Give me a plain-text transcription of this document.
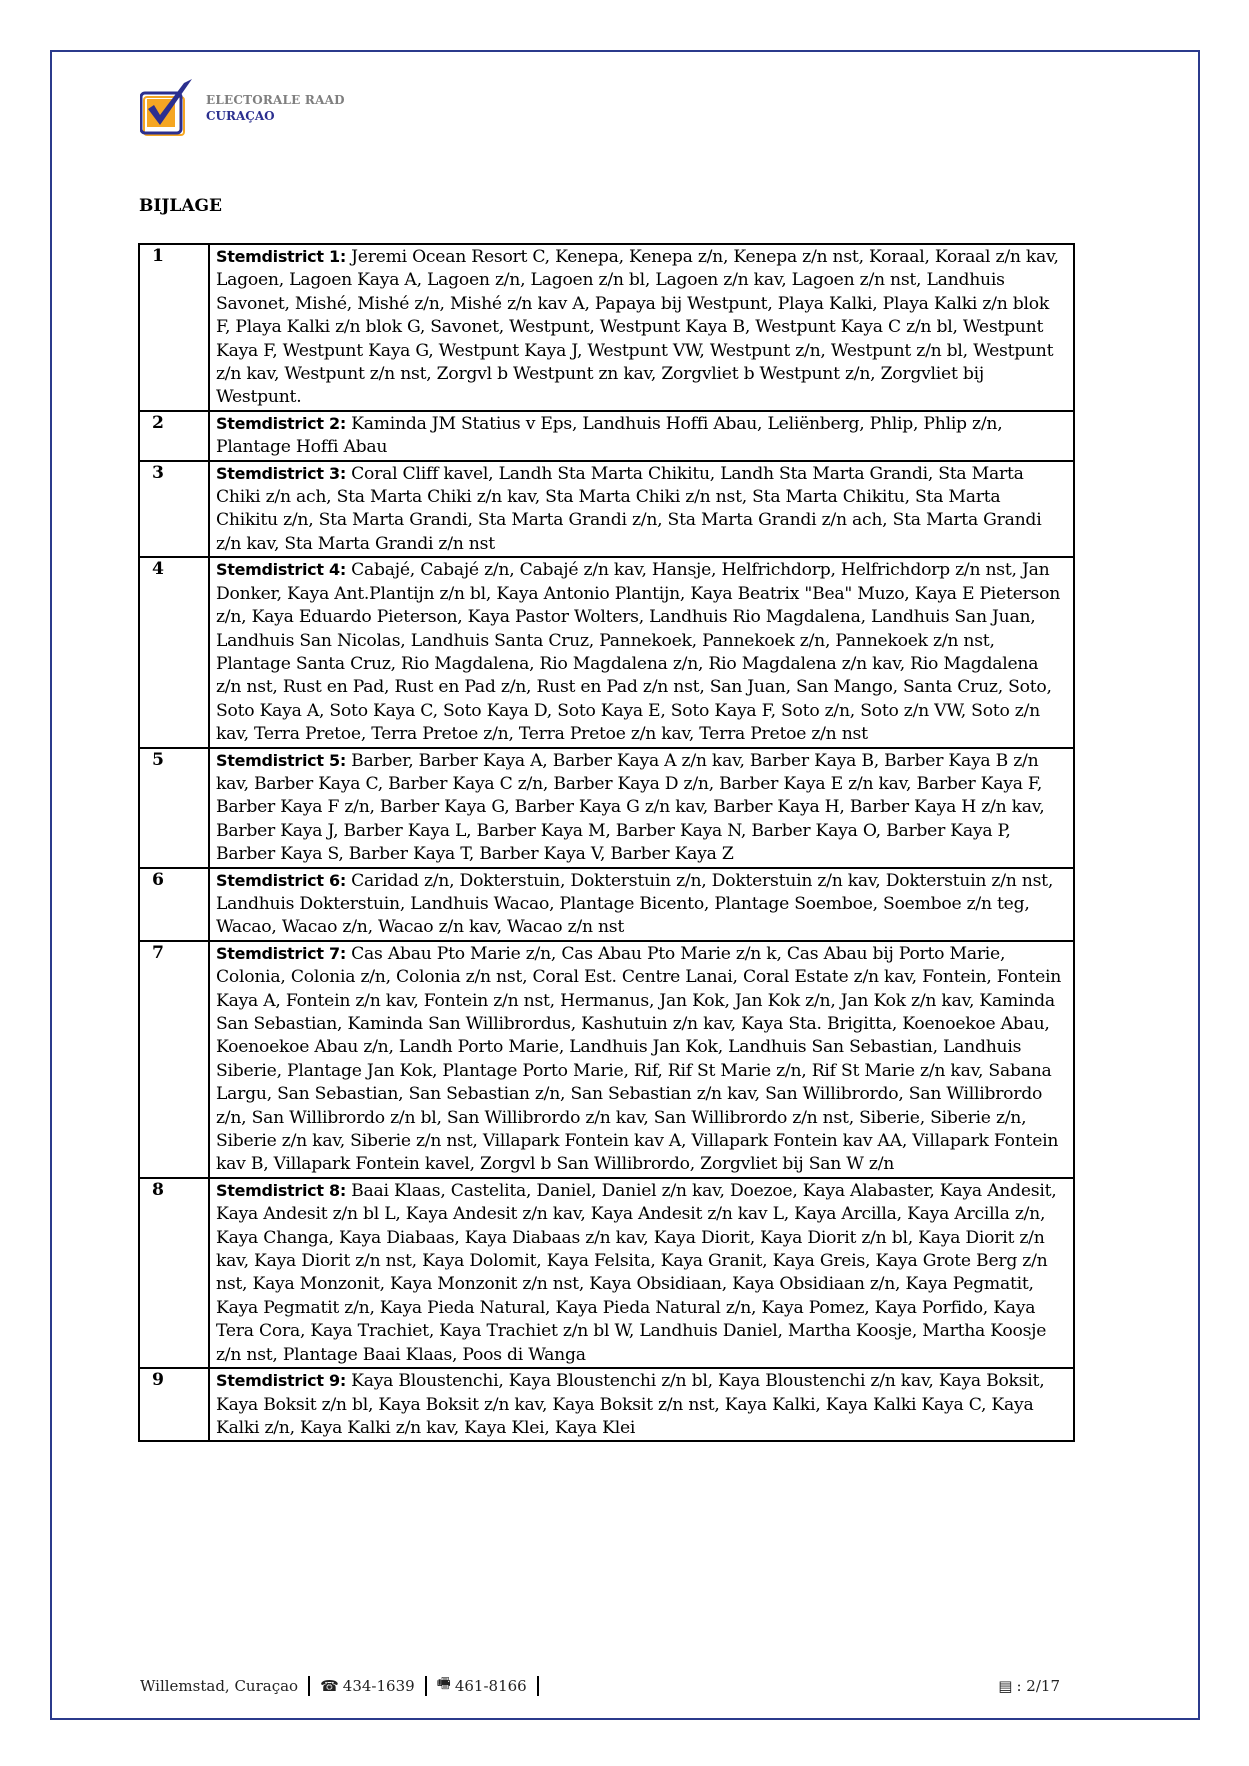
ELECTORALE RAAD
CURAÇAO
BIJLAGE
1	Stemdistrict 1: Jeremi Ocean Resort C, Kenepa, Kenepa z/n, Kenepa z/n nst, Koraal, Koraal z/n kav, Lagoen, Lagoen Kaya A, Lagoen z/n, Lagoen z/n bl, Lagoen z/n kav, Lagoen z/n nst, Landhuis Savonet, Mishé, Mishé z/n, Mishé z/n kav A, Papaya bij Westpunt, Playa Kalki, Playa Kalki z/n blok F, Playa Kalki z/n blok G, Savonet, Westpunt, Westpunt Kaya B, Westpunt Kaya C z/n bl, Westpunt Kaya F, Westpunt Kaya G, Westpunt Kaya J, Westpunt VW, Westpunt z/n, Westpunt z/n bl, Westpunt z/n kav, Westpunt z/n nst, Zorgvl b Westpunt zn kav, Zorgvliet b Westpunt z/n, Zorgvliet bij Westpunt.
2	Stemdistrict 2: Kaminda JM Statius v Eps, Landhuis Hoffi Abau, Leliënberg, Phlip, Phlip z/n, Plantage Hoffi Abau
3	Stemdistrict 3: Coral Cliff kavel, Landh Sta Marta Chikitu, Landh Sta Marta Grandi, Sta Marta Chiki z/n ach, Sta Marta Chiki z/n kav, Sta Marta Chiki z/n nst, Sta Marta Chikitu, Sta Marta Chikitu z/n, Sta Marta Grandi, Sta Marta Grandi z/n, Sta Marta Grandi z/n ach, Sta Marta Grandi z/n kav, Sta Marta Grandi z/n nst
4	Stemdistrict 4: Cabajé, Cabajé z/n, Cabajé z/n kav, Hansje, Helfrichdorp, Helfrichdorp z/n nst, Jan Donker, Kaya Ant.Plantijn z/n bl, Kaya Antonio Plantijn, Kaya Beatrix "Bea" Muzo, Kaya E Pieterson z/n, Kaya Eduardo Pieterson, Kaya Pastor Wolters, Landhuis Rio Magdalena, Landhuis San Juan, Landhuis San Nicolas, Landhuis Santa Cruz, Pannekoek, Pannekoek z/n, Pannekoek z/n nst, Plantage Santa Cruz, Rio Magdalena, Rio Magdalena z/n, Rio Magdalena z/n kav, Rio Magdalena z/n nst, Rust en Pad, Rust en Pad z/n, Rust en Pad z/n nst, San Juan, San Mango, Santa Cruz, Soto, Soto Kaya A, Soto Kaya C, Soto Kaya D, Soto Kaya E, Soto Kaya F, Soto z/n, Soto z/n VW, Soto z/n kav, Terra Pretoe, Terra Pretoe z/n, Terra Pretoe z/n kav, Terra Pretoe z/n nst
5	Stemdistrict 5: Barber, Barber Kaya A, Barber Kaya A z/n kav, Barber Kaya B, Barber Kaya B z/n kav, Barber Kaya C, Barber Kaya C z/n, Barber Kaya D z/n, Barber Kaya E z/n kav, Barber Kaya F, Barber Kaya F z/n, Barber Kaya G, Barber Kaya G z/n kav, Barber Kaya H, Barber Kaya H z/n kav, Barber Kaya J, Barber Kaya L, Barber Kaya M, Barber Kaya N, Barber Kaya O, Barber Kaya P, Barber Kaya S, Barber Kaya T, Barber Kaya V, Barber Kaya Z
6	Stemdistrict 6: Caridad z/n, Dokterstuin, Dokterstuin z/n, Dokterstuin z/n kav, Dokterstuin z/n nst, Landhuis Dokterstuin, Landhuis Wacao, Plantage Bicento, Plantage Soemboe, Soemboe z/n teg, Wacao, Wacao z/n, Wacao z/n kav, Wacao z/n nst
7	Stemdistrict 7: Cas Abau Pto Marie z/n, Cas Abau Pto Marie z/n k, Cas Abau bij Porto Marie, Colonia, Colonia z/n, Colonia z/n nst, Coral Est. Centre Lanai, Coral Estate z/n kav, Fontein, Fontein Kaya A, Fontein z/n kav, Fontein z/n nst, Hermanus, Jan Kok, Jan Kok z/n, Jan Kok z/n kav, Kaminda San Sebastian, Kaminda San Willibrordus, Kashutuin z/n kav, Kaya Sta. Brigitta, Koenoekoe Abau, Koenoekoe Abau z/n, Landh Porto Marie, Landhuis Jan Kok, Landhuis San Sebastian, Landhuis Siberie, Plantage Jan Kok, Plantage Porto Marie, Rif, Rif St Marie z/n, Rif St Marie z/n kav, Sabana Largu, San Sebastian, San Sebastian z/n, San Sebastian z/n kav, San Willibrordo, San Willibrordo z/n, San Willibrordo z/n bl, San Willibrordo z/n kav, San Willibrordo z/n nst, Siberie, Siberie z/n, Siberie z/n kav, Siberie z/n nst, Villapark Fontein kav A, Villapark Fontein kav AA, Villapark Fontein kav B, Villapark Fontein kavel, Zorgvl b San Willibrordo, Zorgvliet bij San W z/n
8	Stemdistrict 8: Baai Klaas, Castelita, Daniel, Daniel z/n kav, Doezoe, Kaya Alabaster, Kaya Andesit, Kaya Andesit z/n bl L, Kaya Andesit z/n kav, Kaya Andesit z/n kav L, Kaya Arcilla, Kaya Arcilla z/n, Kaya Changa, Kaya Diabaas, Kaya Diabaas z/n kav, Kaya Diorit, Kaya Diorit z/n bl, Kaya Diorit z/n kav, Kaya Diorit z/n nst, Kaya Dolomit, Kaya Felsita, Kaya Granit, Kaya Greis, Kaya Grote Berg z/n nst, Kaya Monzonit, Kaya Monzonit z/n nst, Kaya Obsidiaan, Kaya Obsidiaan z/n, Kaya Pegmatit, Kaya Pegmatit z/n, Kaya Pieda Natural, Kaya Pieda Natural z/n, Kaya Pomez, Kaya Porfido, Kaya Tera Cora, Kaya Trachiet, Kaya Trachiet z/n bl W, Landhuis Daniel, Martha Koosje, Martha Koosje z/n nst, Plantage Baai Klaas, Poos di Wanga
9	Stemdistrict 9: Kaya Bloustenchi, Kaya Bloustenchi z/n bl, Kaya Bloustenchi z/n kav, Kaya Boksit, Kaya Boksit z/n bl, Kaya Boksit z/n kav, Kaya Boksit z/n nst, Kaya Kalki, Kaya Kalki Kaya C, Kaya Kalki z/n, Kaya Kalki z/n kav, Kaya Klei, Kaya Klei
Willemstad, Curaçao ☎ 434-1639 🖷 461-8166	▤ : 2/17
